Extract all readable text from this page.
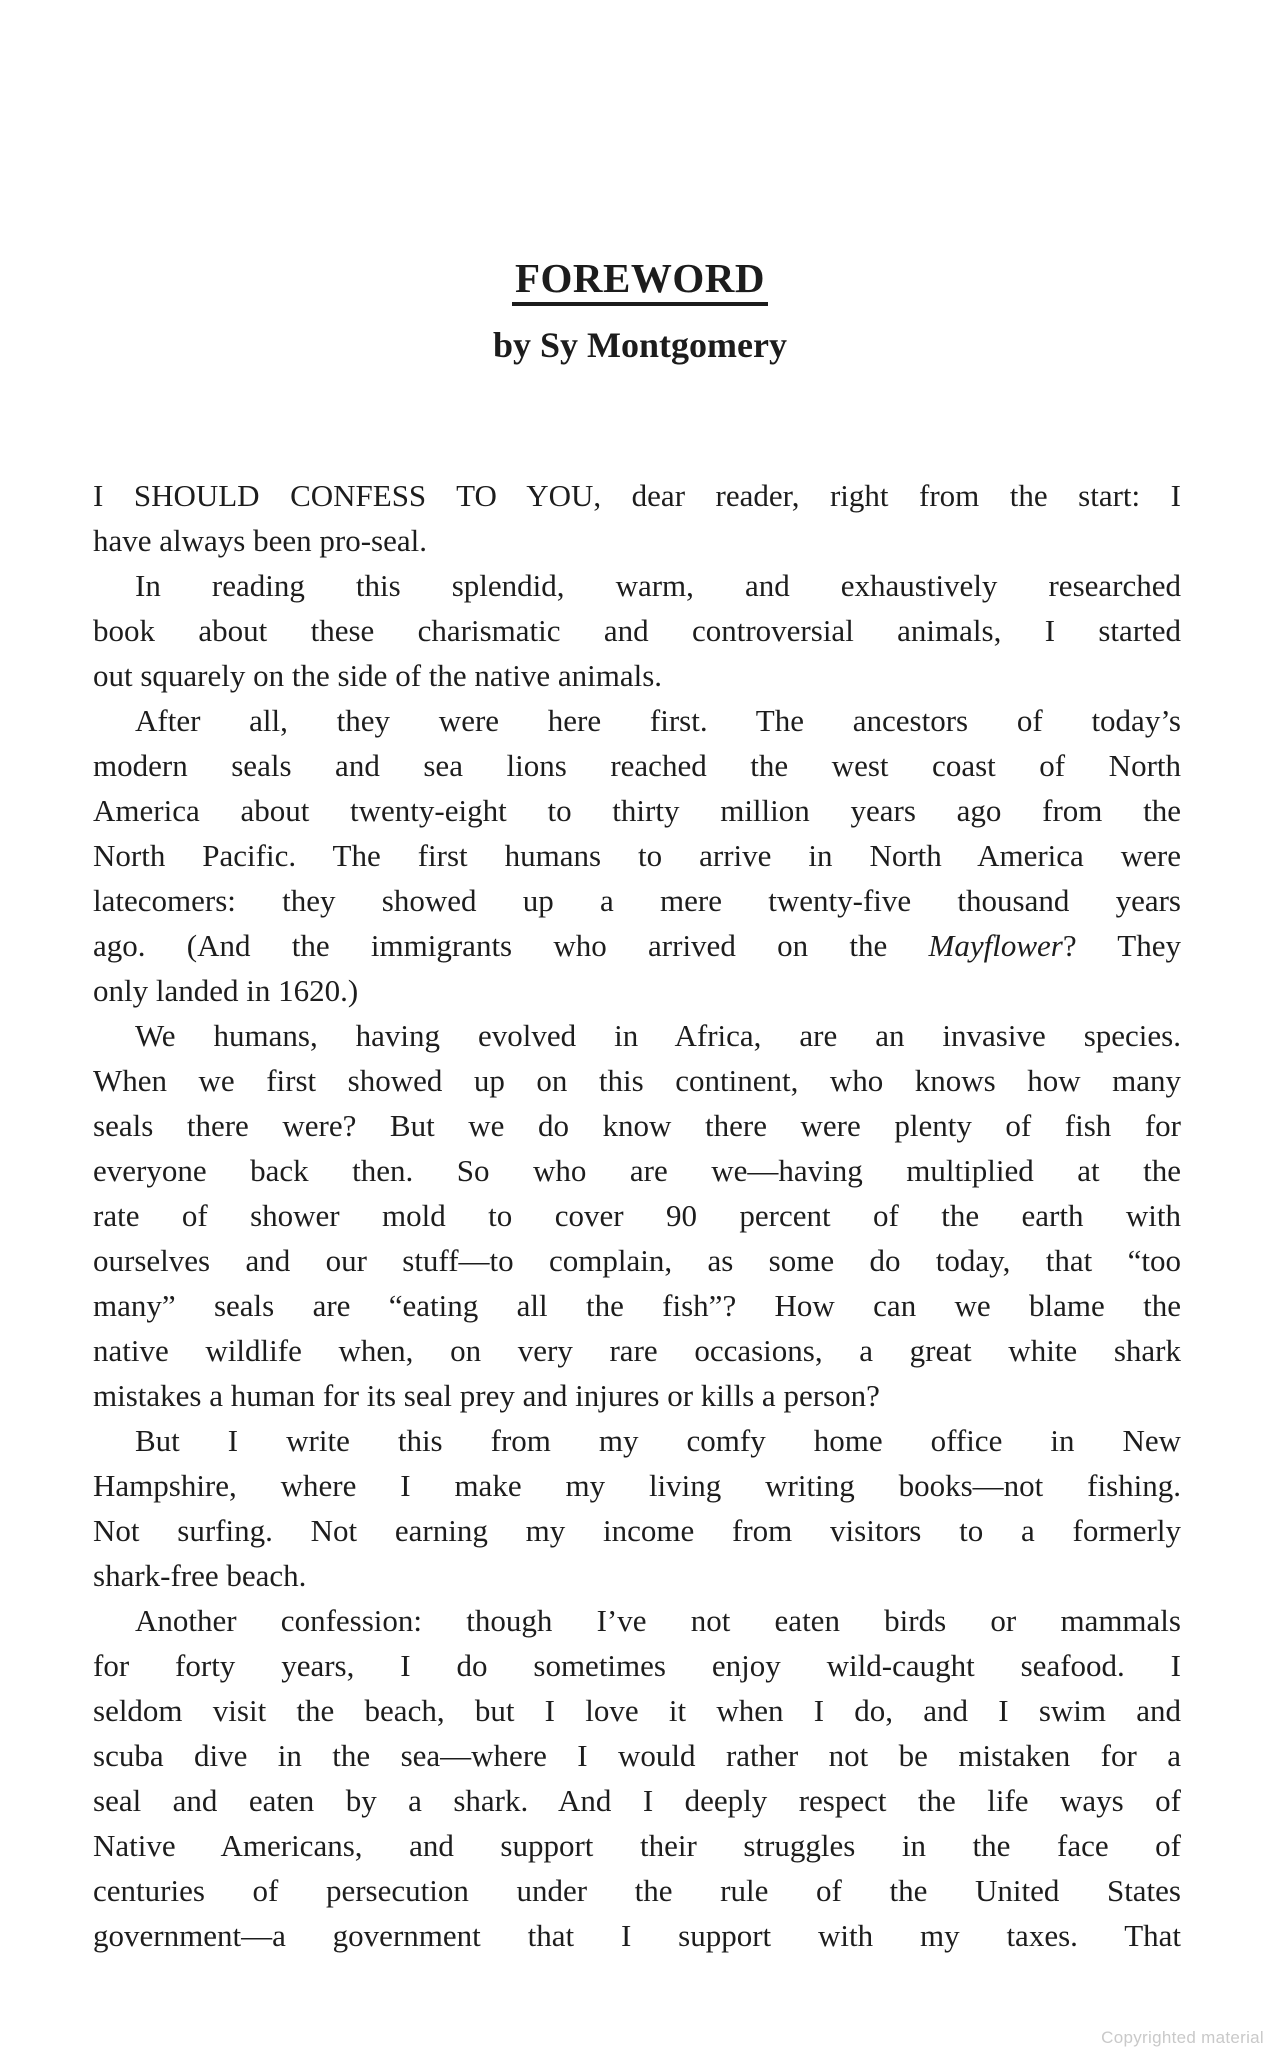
FOREWORD
by Sy Montgomery
I SHOULD CONFESS TO YOU, dear reader, right from the start: I
have always been pro-seal.
In reading this splendid, warm, and exhaustively researched
book about these charismatic and controversial animals, I started
out squarely on the side of the native animals.
After all, they were here first. The ancestors of today’s
modern seals and sea lions reached the west coast of North
America about twenty-eight to thirty million years ago from the
North Pacific. The first humans to arrive in North America were
latecomers: they showed up a mere twenty-five thousand years
ago. (And the immigrants who arrived on the Mayflower? They
only landed in 1620.)
We humans, having evolved in Africa, are an invasive species.
When we first showed up on this continent, who knows how many
seals there were? But we do know there were plenty of fish for
everyone back then. So who are we—having multiplied at the
rate of shower mold to cover 90 percent of the earth with
ourselves and our stuff—to complain, as some do today, that “too
many” seals are “eating all the fish”? How can we blame the
native wildlife when, on very rare occasions, a great white shark
mistakes a human for its seal prey and injures or kills a person?
But I write this from my comfy home office in New
Hampshire, where I make my living writing books—not fishing.
Not surfing. Not earning my income from visitors to a formerly
shark-free beach.
Another confession: though I’ve not eaten birds or mammals
for forty years, I do sometimes enjoy wild-caught seafood. I
seldom visit the beach, but I love it when I do, and I swim and
scuba dive in the sea—where I would rather not be mistaken for a
seal and eaten by a shark. And I deeply respect the life ways of
Native Americans, and support their struggles in the face of
centuries of persecution under the rule of the United States
government—a government that I support with my taxes. That
Copyrighted material
